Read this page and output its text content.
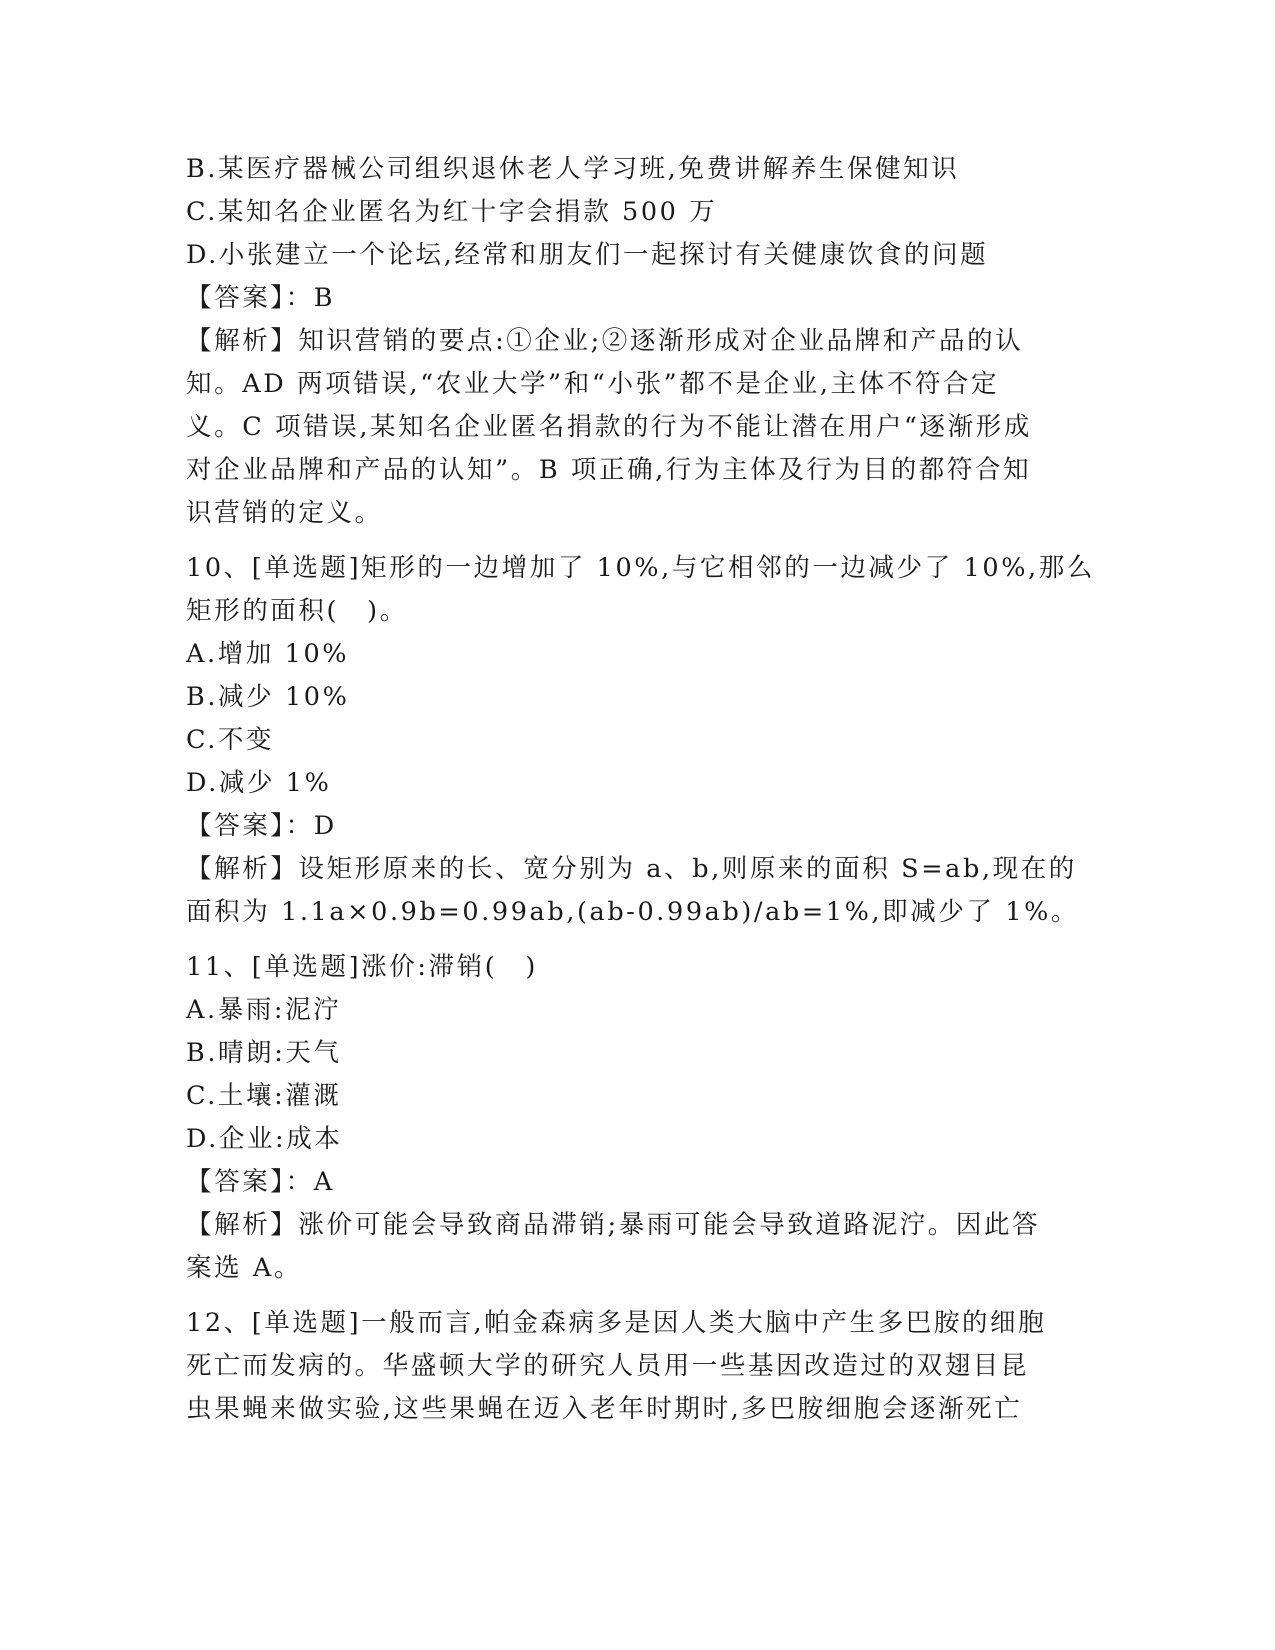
B.某医疗器械公司组织退休老人学习班,免费讲解养生保健知识
C.某知名企业匿名为红十字会捐款 500 万
D.小张建立一个论坛,经常和朋友们一起探讨有关健康饮食的问题
【答案】：B
【解析】知识营销的要点:①企业;②逐渐形成对企业品牌和产品的认
知。AD 两项错误,“农业大学”和“小张”都不是企业,主体不符合定
义。C 项错误,某知名企业匿名捐款的行为不能让潜在用户“逐渐形成
对企业品牌和产品的认知”。B 项正确,行为主体及行为目的都符合知
识营销的定义。
10、[单选题]矩形的一边增加了 10%,与它相邻的一边减少了 10%,那么
矩形的面积(　)。
A.增加 10%
B.减少 10%
C.不变
D.减少 1%
【答案】：D
【解析】设矩形原来的长、宽分别为 a、b,则原来的面积 S=ab,现在的
面积为 1.1a×0.9b=0.99ab,(ab-0.99ab)/ab=1%,即减少了 1%。
11、[单选题]涨价:滞销(　)
A.暴雨:泥泞
B.晴朗:天气
C.土壤:灌溉
D.企业:成本
【答案】：A
【解析】涨价可能会导致商品滞销;暴雨可能会导致道路泥泞。因此答
案选 A。
12、[单选题]一般而言,帕金森病多是因人类大脑中产生多巴胺的细胞
死亡而发病的。华盛顿大学的研究人员用一些基因改造过的双翅目昆
虫果蝇来做实验,这些果蝇在迈入老年时期时,多巴胺细胞会逐渐死亡
